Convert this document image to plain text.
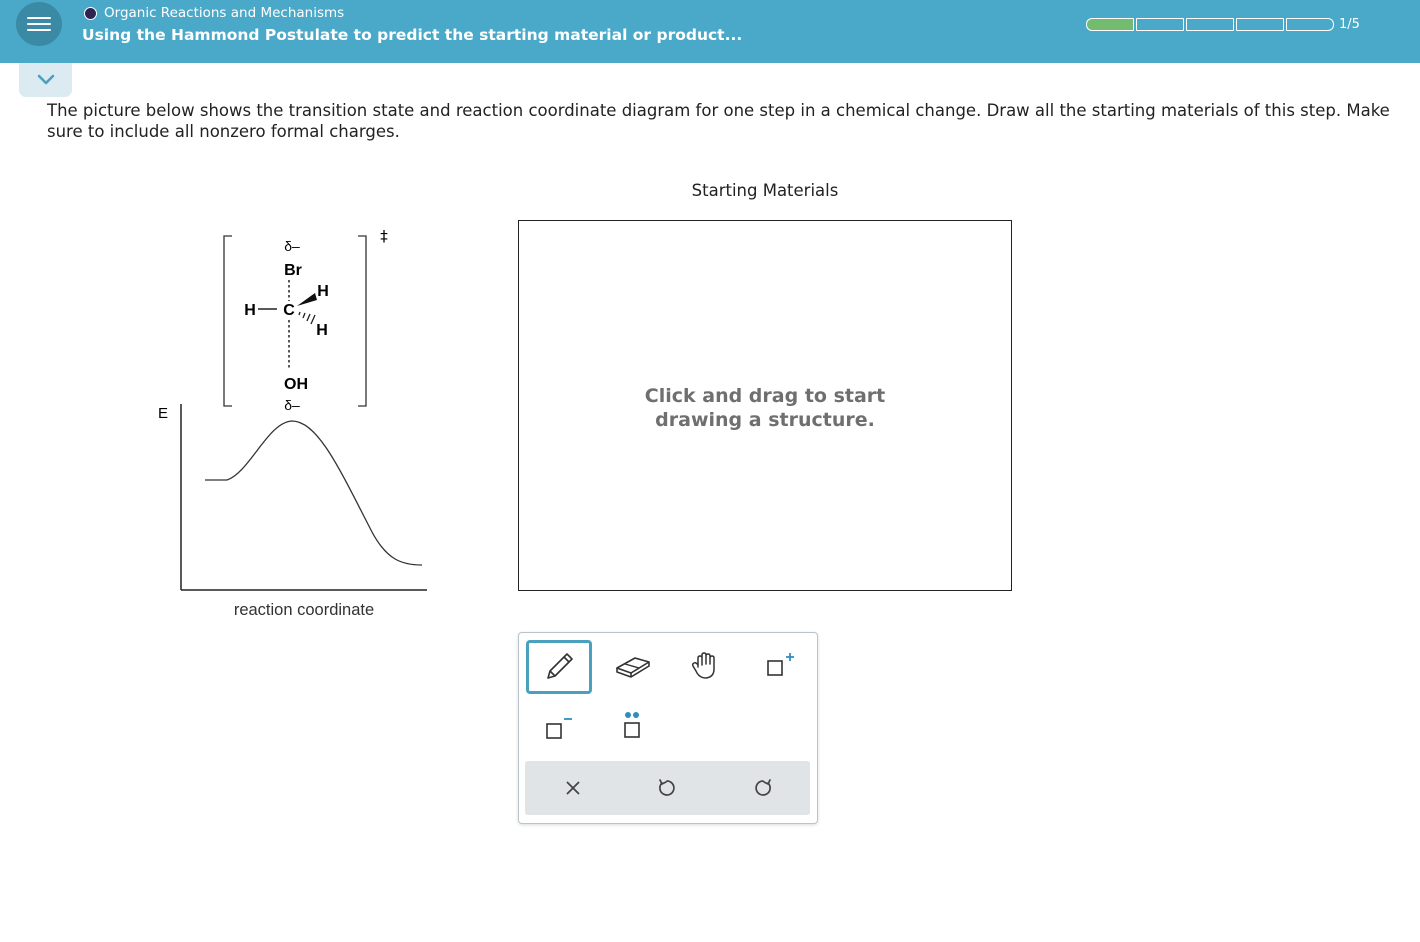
Organic Reactions and Mechanisms
Using the Hammond Postulate to predict the starting material or product...
1/5
The picture below shows the transition state and reaction coordinate diagram for one step in a chemical change. Draw all the starting materials of this step. Make sure to include all nonzero formal charges.
‡
δ–
Br
H C
H
H
OH
δ–
E
reaction coordinate
Starting Materials
Click and drag to start
drawing a structure.
